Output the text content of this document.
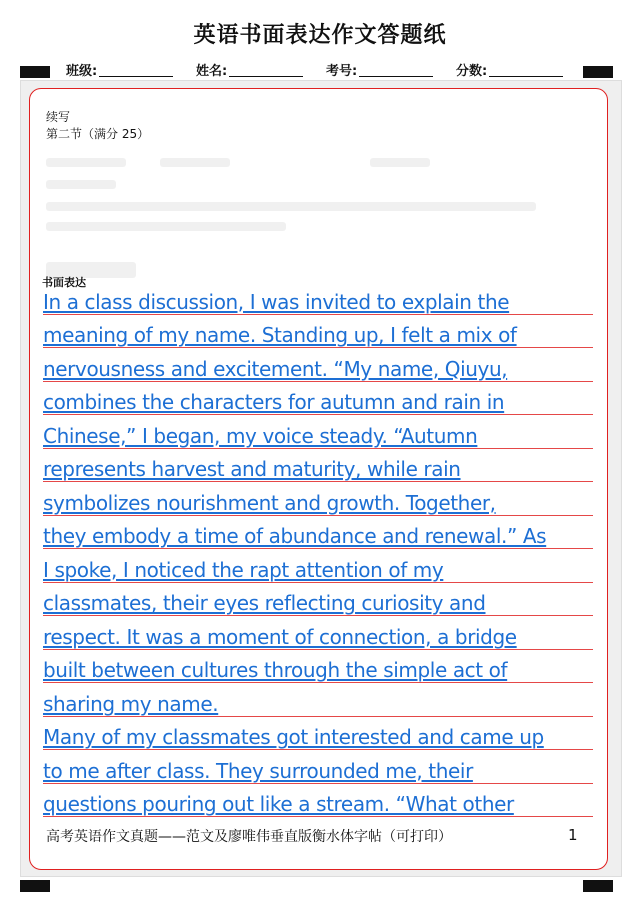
英语书面表达作文答题纸
班级:	姓名:	考号:	分数:
续写
第二节（满分 25）
书面表达
In a class discussion, I was invited to explain the
meaning of my name. Standing up, I felt a mix of
nervousness and excitement. “My name, Qiuyu,
combines the characters for autumn and rain in
Chinese,” I began, my voice steady. “Autumn
represents harvest and maturity, while rain
symbolizes nourishment and growth. Together,
they embody a time of abundance and renewal.” As
I spoke, I noticed the rapt attention of my
classmates, their eyes reflecting curiosity and
respect. It was a moment of connection, a bridge
built between cultures through the simple act of
sharing my name.
Many of my classmates got interested and came up
to me after class. They surrounded me, their
questions pouring out like a stream. “What other
高考英语作文真题——范文及廖唯伟垂直版衡水体字帖（可打印）	1
